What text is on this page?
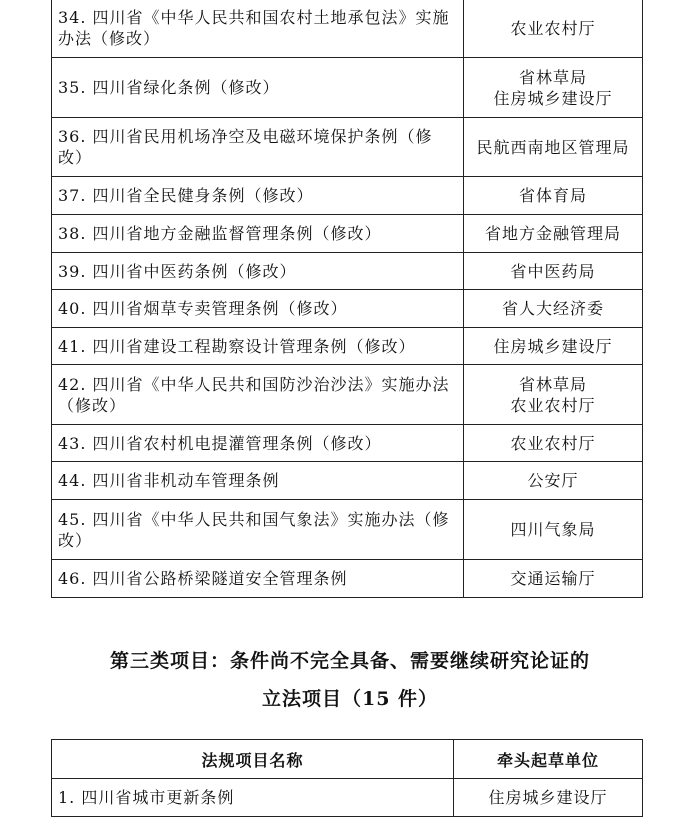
34. 四川省《中华人民共和国农村土地承包法》实施办法（修改）	农业农村厅

35. 四川省绿化条例（修改）	省林草局
住房城乡建设厅

36. 四川省民用机场净空及电磁环境保护条例（修改）	民航西南地区管理局

37. 四川省全民健身条例（修改）	省体育局

38. 四川省地方金融监督管理条例（修改）	省地方金融管理局

39. 四川省中医药条例（修改）	省中医药局

40. 四川省烟草专卖管理条例（修改）	省人大经济委

41. 四川省建设工程勘察设计管理条例（修改）	住房城乡建设厅

42. 四川省《中华人民共和国防沙治沙法》实施办法（修改）	省林草局
农业农村厅

43. 四川省农村机电提灌管理条例（修改）	农业农村厅

44. 四川省非机动车管理条例	公安厅

45. 四川省《中华人民共和国气象法》实施办法（修改）	四川气象局

46. 四川省公路桥梁隧道安全管理条例	交通运输厅
第三类项目：条件尚不完全具备、需要继续研究论证的
立法项目（15 件）
法规项目名称	牵头起草单位
1. 四川省城市更新条例	住房城乡建设厅
